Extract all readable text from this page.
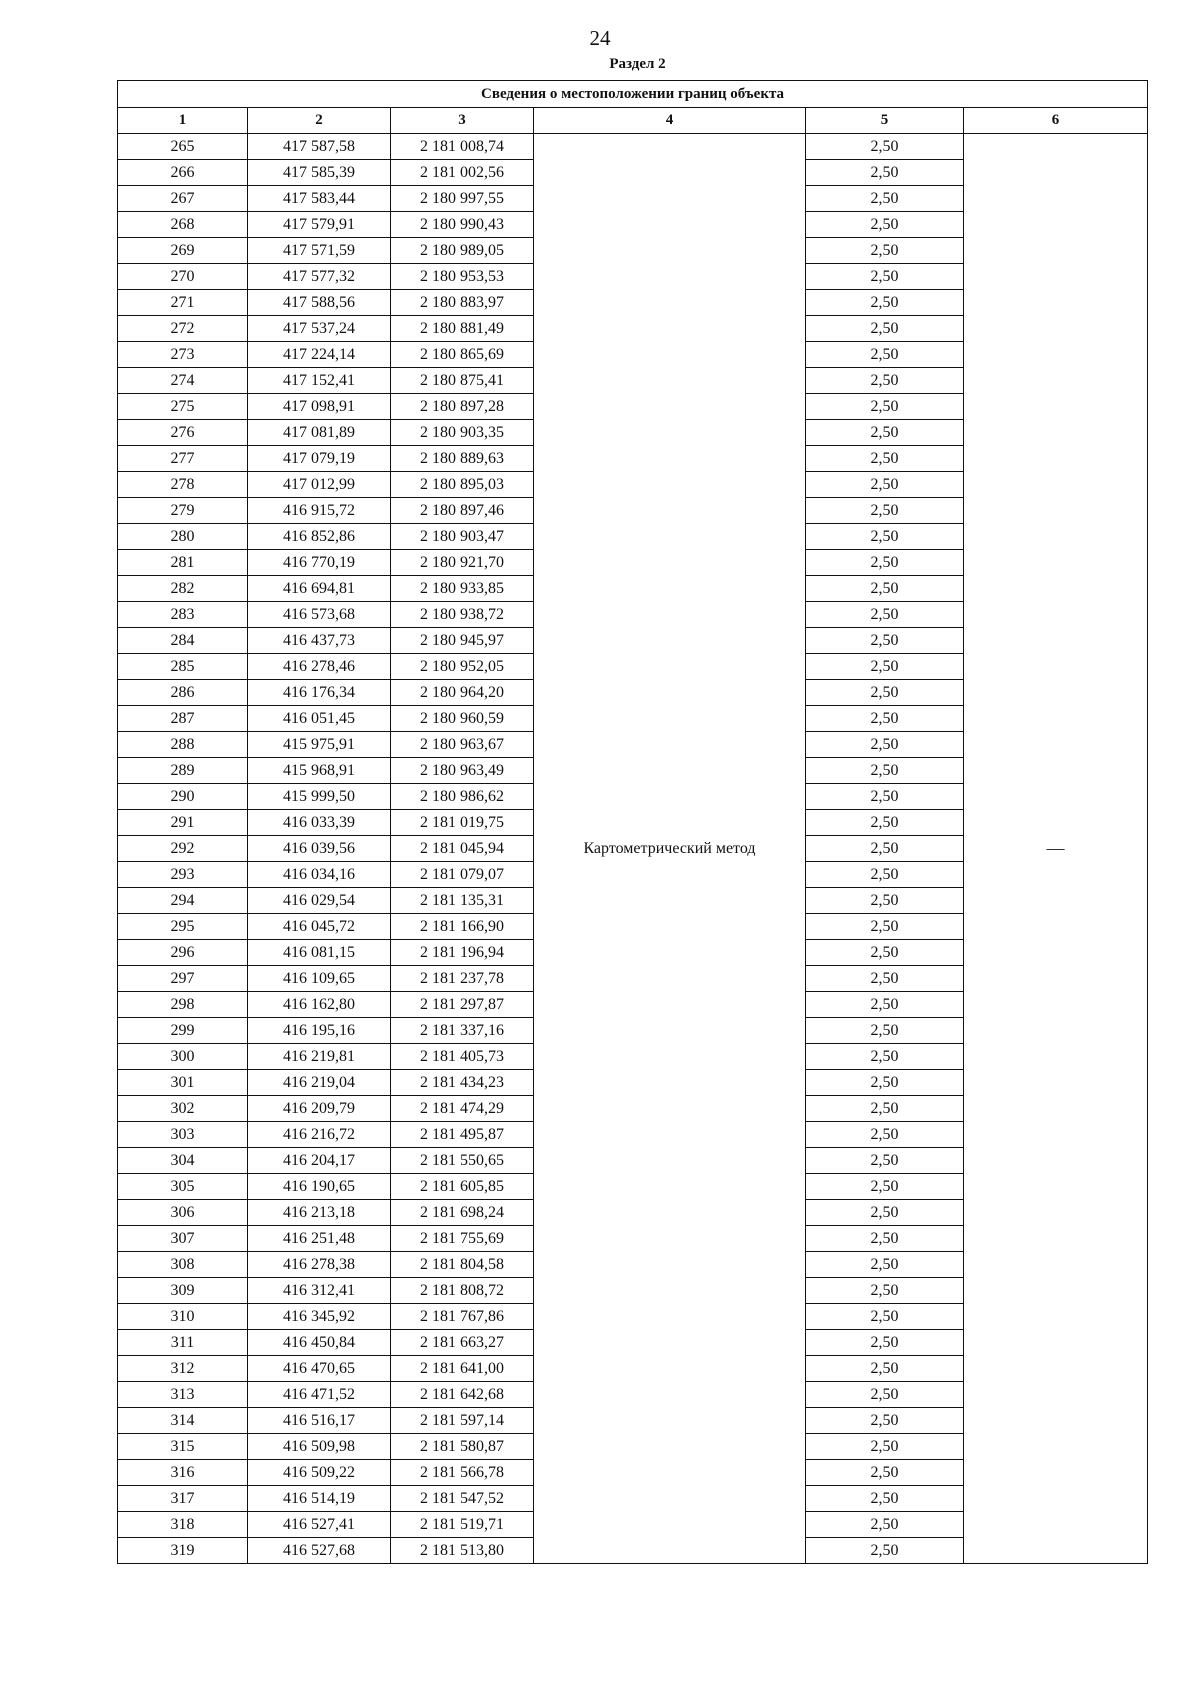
24
Раздел 2
Сведения о местоположении границ объекта					
1	2	3	4	5	6
265	417 587,58	2 181 008,74	Картометрический метод	2,50	—
266	417 585,39	2 181 002,56		2,50	
267	417 583,44	2 180 997,55		2,50	
268	417 579,91	2 180 990,43		2,50	
269	417 571,59	2 180 989,05		2,50	
270	417 577,32	2 180 953,53		2,50	
271	417 588,56	2 180 883,97		2,50	
272	417 537,24	2 180 881,49		2,50	
273	417 224,14	2 180 865,69		2,50	
274	417 152,41	2 180 875,41		2,50	
275	417 098,91	2 180 897,28		2,50	
276	417 081,89	2 180 903,35		2,50	
277	417 079,19	2 180 889,63		2,50	
278	417 012,99	2 180 895,03		2,50	
279	416 915,72	2 180 897,46		2,50	
280	416 852,86	2 180 903,47		2,50	
281	416 770,19	2 180 921,70		2,50	
282	416 694,81	2 180 933,85		2,50	
283	416 573,68	2 180 938,72		2,50	
284	416 437,73	2 180 945,97		2,50	
285	416 278,46	2 180 952,05		2,50	
286	416 176,34	2 180 964,20		2,50	
287	416 051,45	2 180 960,59		2,50	
288	415 975,91	2 180 963,67		2,50	
289	415 968,91	2 180 963,49		2,50	
290	415 999,50	2 180 986,62		2,50	
291	416 033,39	2 181 019,75		2,50	
292	416 039,56	2 181 045,94		2,50	
293	416 034,16	2 181 079,07		2,50	
294	416 029,54	2 181 135,31		2,50	
295	416 045,72	2 181 166,90		2,50	
296	416 081,15	2 181 196,94		2,50	
297	416 109,65	2 181 237,78		2,50	
298	416 162,80	2 181 297,87		2,50	
299	416 195,16	2 181 337,16		2,50	
300	416 219,81	2 181 405,73		2,50	
301	416 219,04	2 181 434,23		2,50	
302	416 209,79	2 181 474,29		2,50	
303	416 216,72	2 181 495,87		2,50	
304	416 204,17	2 181 550,65		2,50	
305	416 190,65	2 181 605,85		2,50	
306	416 213,18	2 181 698,24		2,50	
307	416 251,48	2 181 755,69		2,50	
308	416 278,38	2 181 804,58		2,50	
309	416 312,41	2 181 808,72		2,50	
310	416 345,92	2 181 767,86		2,50	
311	416 450,84	2 181 663,27		2,50	
312	416 470,65	2 181 641,00		2,50	
313	416 471,52	2 181 642,68		2,50	
314	416 516,17	2 181 597,14		2,50	
315	416 509,98	2 181 580,87		2,50	
316	416 509,22	2 181 566,78		2,50	
317	416 514,19	2 181 547,52		2,50	
318	416 527,41	2 181 519,71		2,50	
319	416 527,68	2 181 513,80		2,50	
